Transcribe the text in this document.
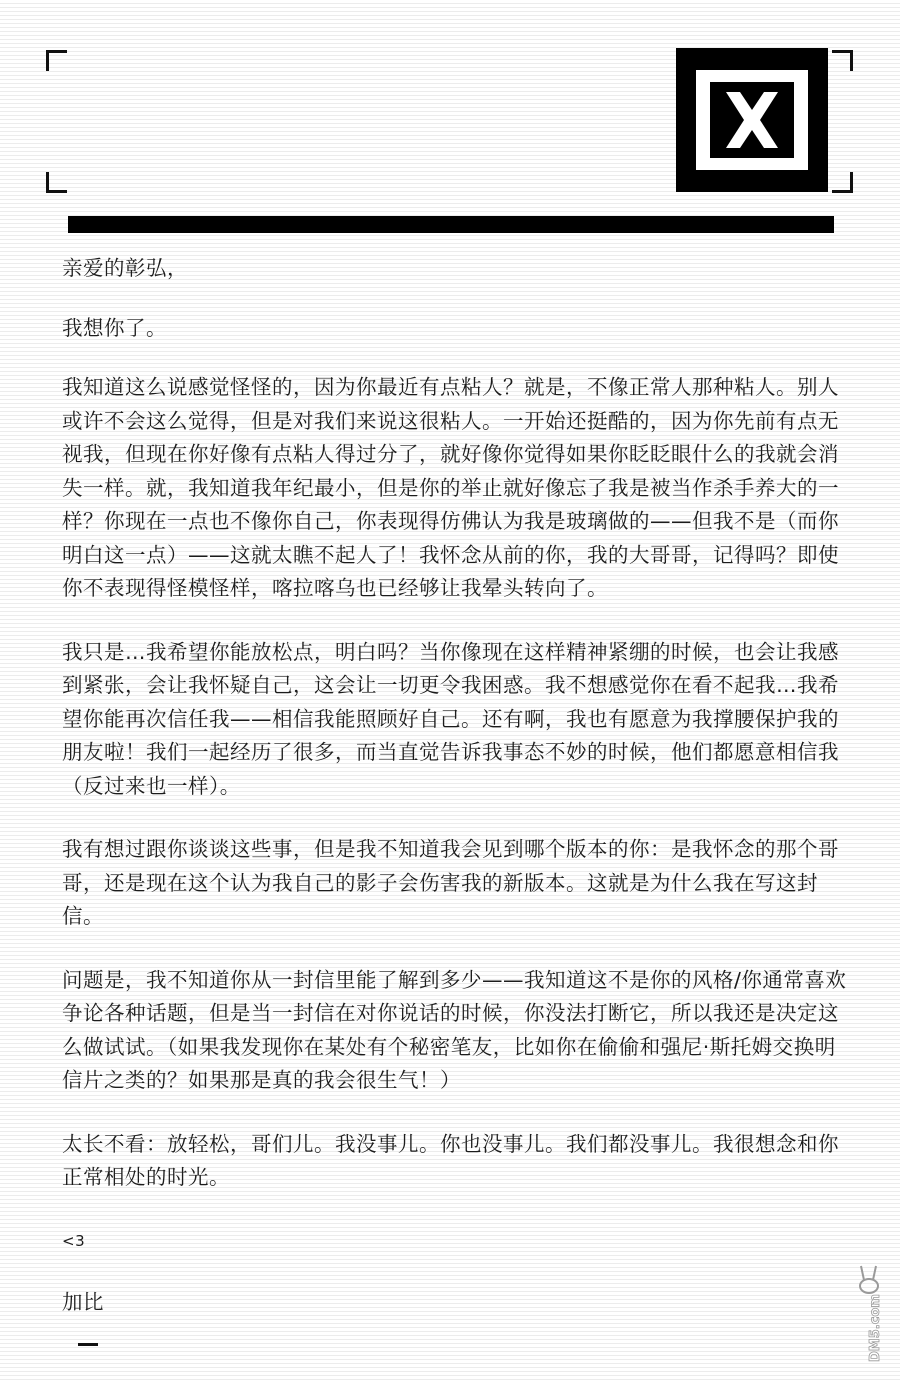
亲爱的彰弘，

我想你了。

我知道这么说感觉怪怪的，因为你最近有点粘人？就是，不像正常人那种粘人。别人或许不会这么觉得，但是对我们来说这很粘人。一开始还挺酷的，因为你先前有点无视我，但现在你好像有点粘人得过分了，就好像你觉得如果你眨眨眼什么的我就会消失一样。就，我知道我年纪最小，但是你的举止就好像忘了我是被当作杀手养大的一样？你现在一点也不像你自己，你表现得仿佛认为我是玻璃做的——但我不是（而你明白这一点）——这就太瞧不起人了！我怀念从前的你，我的大哥哥，记得吗？即使你不表现得怪模怪样，喀拉喀乌也已经够让我晕头转向了。

我只是…我希望你能放松点，明白吗？当你像现在这样精神紧绷的时候，也会让我感到紧张，会让我怀疑自己，这会让一切更令我困惑。我不想感觉你在看不起我…我希望你能再次信任我——相信我能照顾好自己。还有啊，我也有愿意为我撑腰保护我的朋友啦！我们一起经历了很多，而当直觉告诉我事态不妙的时候，他们都愿意相信我（反过来也一样）。

我有想过跟你谈谈这些事，但是我不知道我会见到哪个版本的你：是我怀念的那个哥哥，还是现在这个认为我自己的影子会伤害我的新版本。这就是为什么我在写这封信。

问题是，我不知道你从一封信里能了解到多少——我知道这不是你的风格/你通常喜欢争论各种话题，但是当一封信在对你说话的时候，你没法打断它，所以我还是决定这么做试试。（如果我发现你在某处有个秘密笔友，比如你在偷偷和强尼·斯托姆交换明信片之类的？如果那是真的我会很生气！）

太长不看：放轻松，哥们儿。我没事儿。你也没事儿。我们都没事儿。我很想念和你正常相处的时光。

<3

加比	DM5.com
